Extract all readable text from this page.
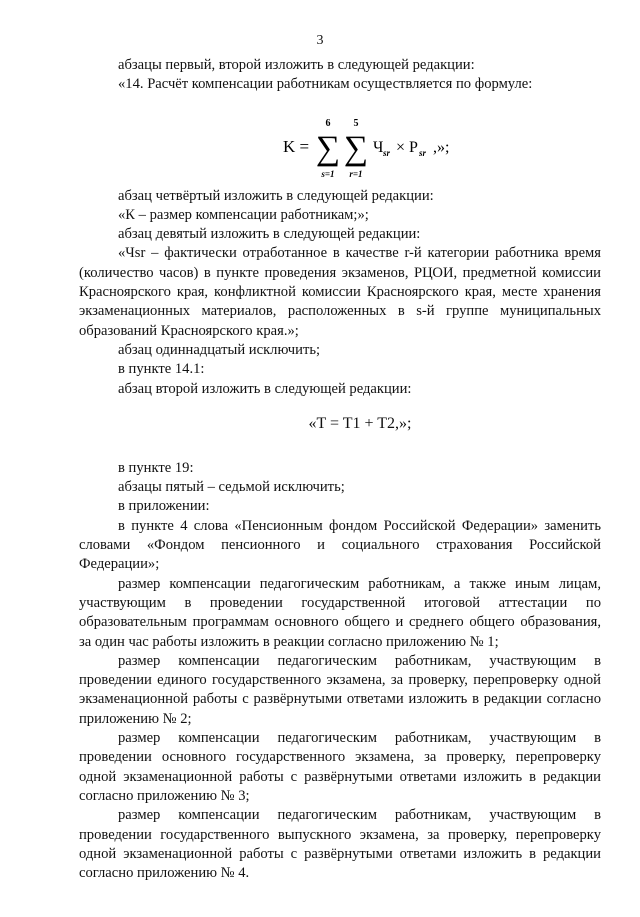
3

абзацы первый, второй изложить в следующей редакции:

«14. Расчёт компенсации работникам осуществляется по формуле:

K =
6
∑
s=1
5
∑
r=1
Ч sr × P sr ,»;

абзац четвёртый изложить в следующей редакции:

«К – размер компенсации работникам;»;

абзац девятый изложить в следующей редакции:

«Чsr – фактически отработанное в качестве r-й категории работника время (количество часов) в пункте проведения экзаменов, РЦОИ, предметной комиссии Красноярского края, конфликтной комиссии Красноярского края, месте хранения экзаменационных материалов, расположенных в s-й группе муниципальных образований Красноярского края.»;

абзац одиннадцатый исключить;

в пункте 14.1:

абзац второй изложить в следующей редакции:

«T = T1 + T2,»;

в пункте 19:

абзацы пятый – седьмой исключить;

в приложении:

в пункте 4 слова «Пенсионным фондом Российской Федерации» заменить словами «Фондом пенсионного и социального страхования Российской Федерации»;

размер компенсации педагогическим работникам, а также иным лицам, участвующим в проведении государственной итоговой аттестации по образовательным программам основного общего и среднего общего образования, за один час работы изложить в реакции согласно приложению № 1;

размер компенсации педагогическим работникам, участвующим в проведении единого государственного экзамена, за проверку, перепроверку одной экзаменационной работы с развёрнутыми ответами изложить в редакции согласно приложению № 2;

размер компенсации педагогическим работникам, участвующим в проведении основного государственного экзамена, за проверку, перепроверку одной экзаменационной работы с развёрнутыми ответами изложить в редакции согласно приложению № 3;

размер компенсации педагогическим работникам, участвующим в проведении государственного выпускного экзамена, за проверку, перепроверку одной экзаменационной работы с развёрнутыми ответами изложить в редакции согласно приложению № 4.
